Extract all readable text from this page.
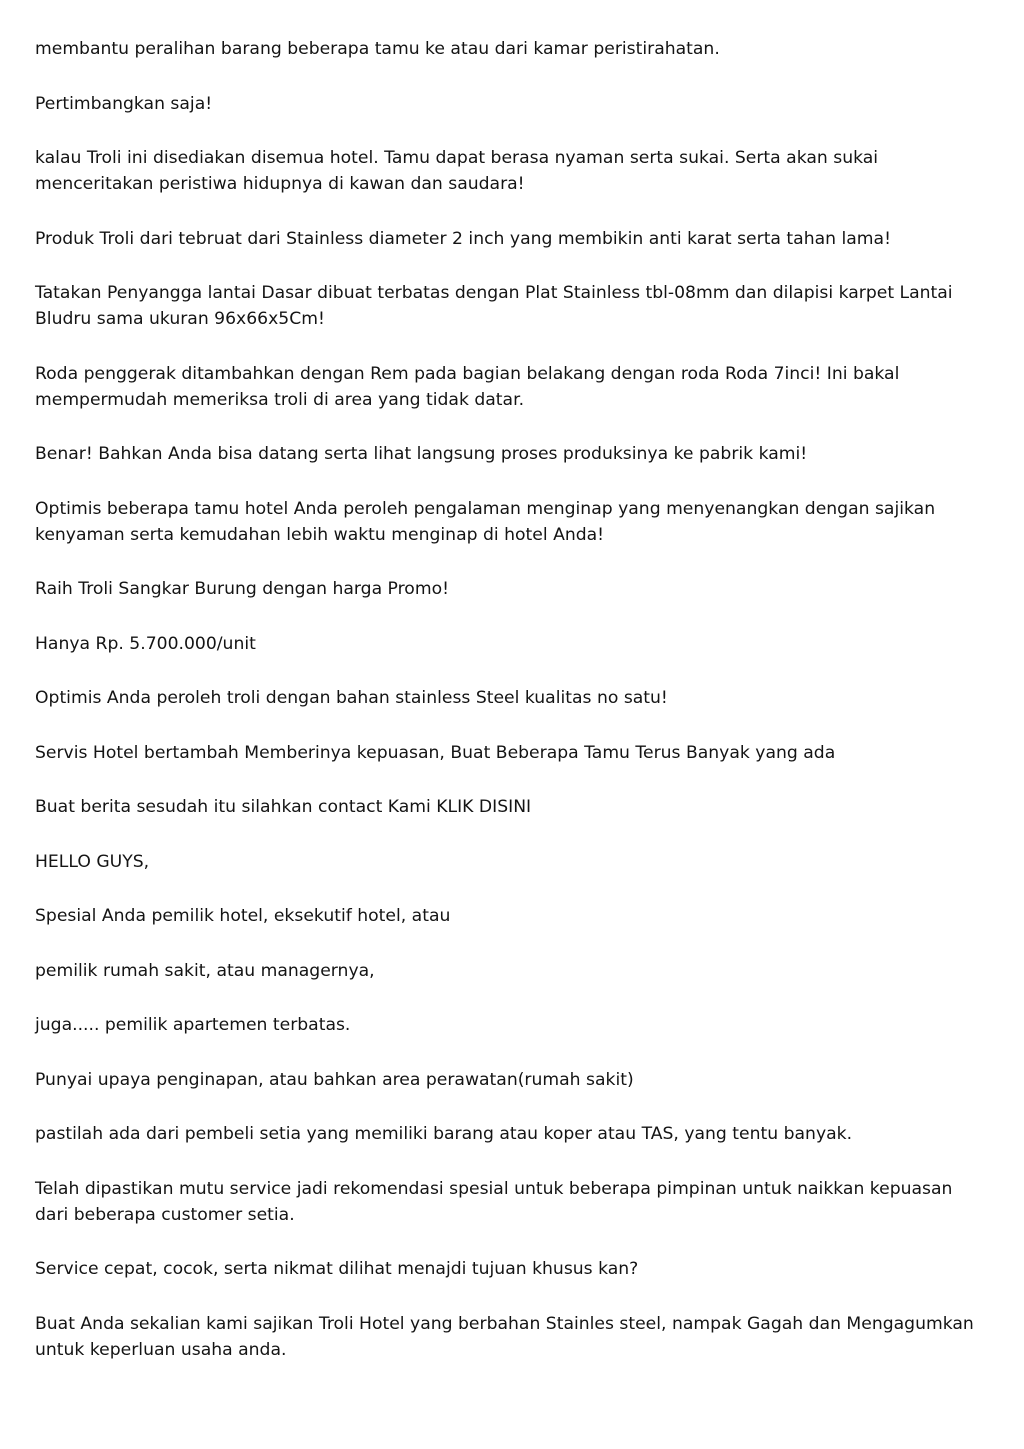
membantu peralihan barang beberapa tamu ke atau dari kamar peristirahatan.

Pertimbangkan saja!

kalau Troli ini disediakan disemua hotel. Tamu dapat berasa nyaman serta sukai. Serta akan sukai menceritakan peristiwa hidupnya di kawan dan saudara!

Produk Troli dari tebruat dari Stainless diameter 2 inch yang membikin anti karat serta tahan lama!

Tatakan Penyangga lantai Dasar dibuat terbatas dengan Plat Stainless tbl-08mm dan dilapisi karpet Lantai Bludru sama ukuran 96x66x5Cm!

Roda penggerak ditambahkan dengan Rem pada bagian belakang dengan roda Roda 7inci! Ini bakal mempermudah memeriksa troli di area yang tidak datar.

Benar! Bahkan Anda bisa datang serta lihat langsung proses produksinya ke pabrik kami!

Optimis beberapa tamu hotel Anda peroleh pengalaman menginap yang menyenangkan dengan sajikan kenyaman serta kemudahan lebih waktu menginap di hotel Anda!

Raih Troli Sangkar Burung dengan harga Promo!

Hanya Rp. 5.700.000/unit

Optimis Anda peroleh troli dengan bahan stainless Steel kualitas no satu!

Servis Hotel bertambah Memberinya kepuasan, Buat Beberapa Tamu Terus Banyak yang ada

Buat berita sesudah itu silahkan contact Kami KLIK DISINI

HELLO GUYS,

Spesial Anda pemilik hotel, eksekutif hotel, atau

pemilik rumah sakit, atau managernya,

juga..... pemilik apartemen terbatas.

Punyai upaya penginapan, atau bahkan area perawatan(rumah sakit)

pastilah ada dari pembeli setia yang memiliki barang atau koper atau TAS, yang tentu banyak.

Telah dipastikan mutu service jadi rekomendasi spesial untuk beberapa pimpinan untuk naikkan kepuasan dari beberapa customer setia.

Service cepat, cocok, serta nikmat dilihat menajdi tujuan khusus kan?

Buat Anda sekalian kami sajikan Troli Hotel yang berbahan Stainles steel, nampak Gagah dan Mengagumkan untuk keperluan usaha anda.
